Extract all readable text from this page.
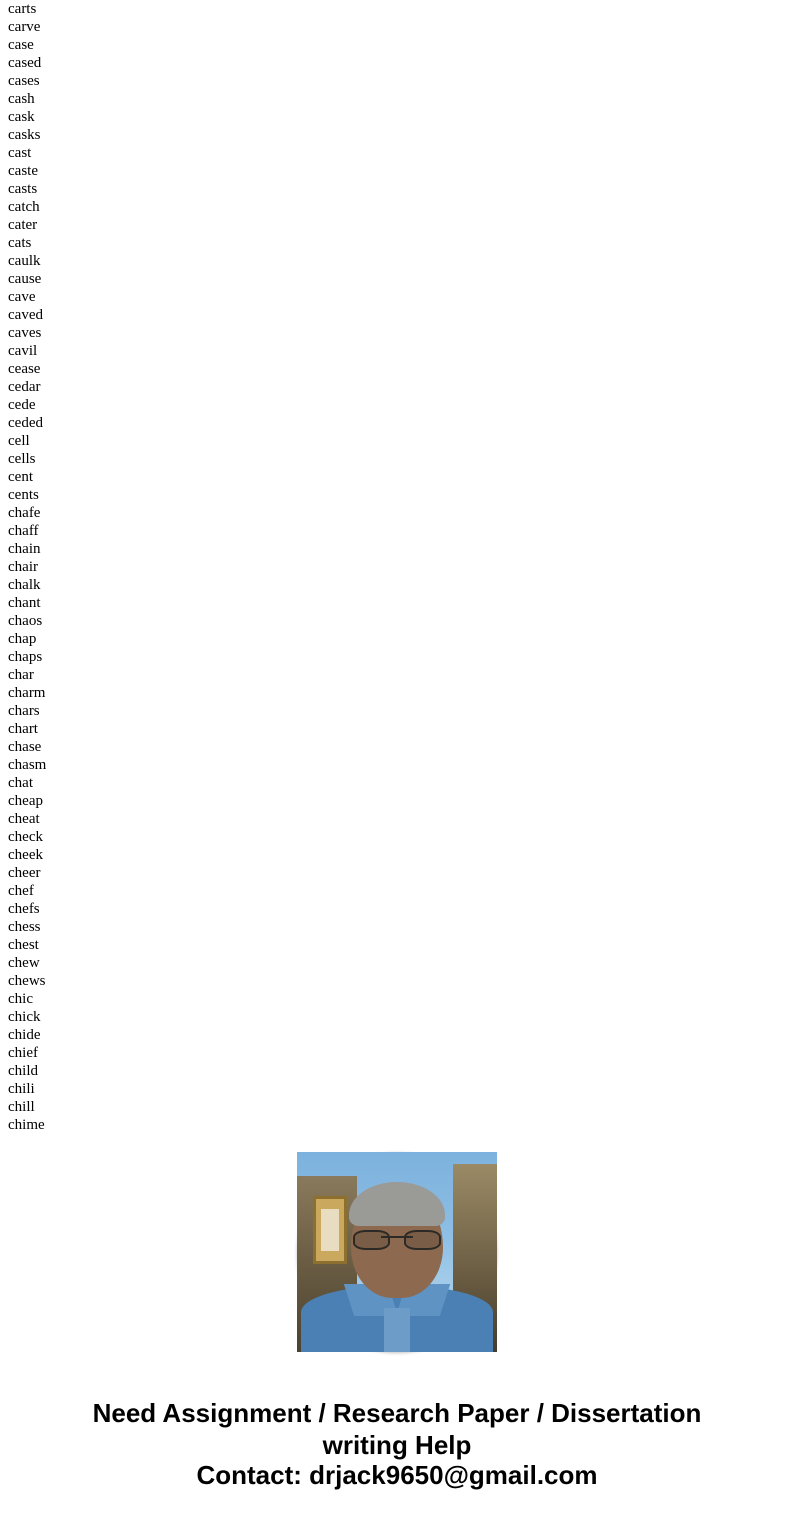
carts
carve
case
cased
cases
cash
cask
casks
cast
caste
casts
catch
cater
cats
caulk
cause
cave
caved
caves
cavil
cease
cedar
cede
ceded
cell
cells
cent
cents
chafe
chaff
chain
chair
chalk
chant
chaos
chap
chaps
char
charm
chars
chart
chase
chasm
chat
cheap
cheat
check
cheek
cheer
chef
chefs
chess
chest
chew
chews
chic
chick
chide
chief
child
chili
chill
chime
Need Assignment / Research Paper / Dissertation
writing Help
Contact: drjack9650@gmail.com
